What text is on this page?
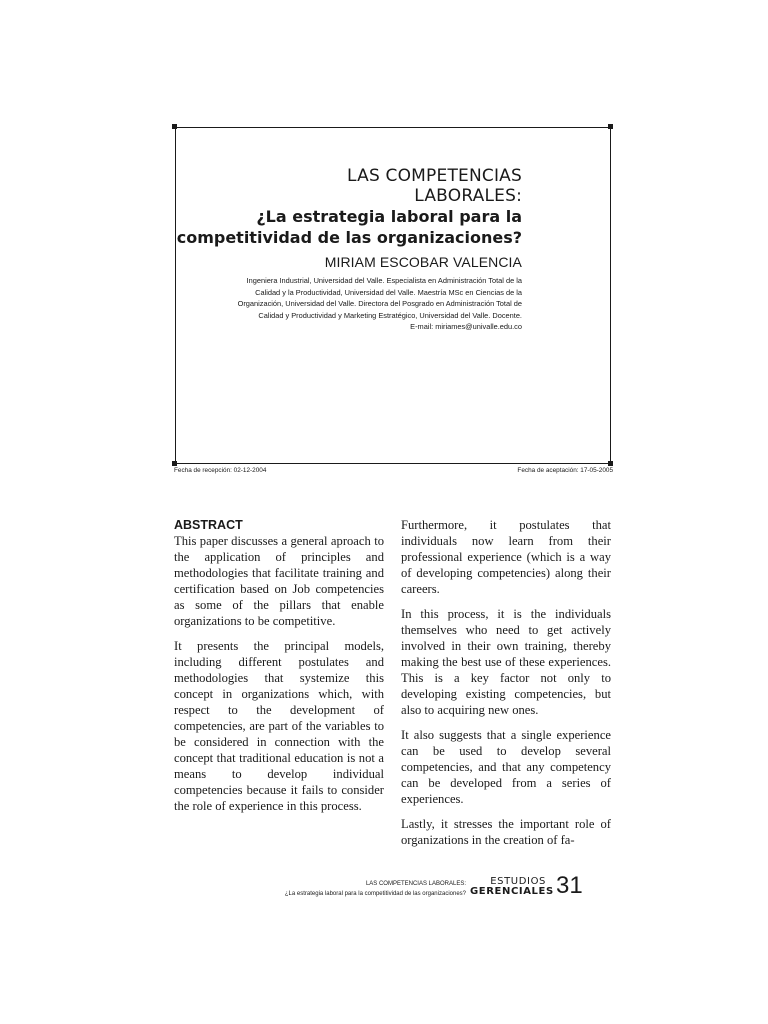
LAS COMPETENCIAS

LABORALES:

¿La estrategia laboral para la

competitividad de las organizaciones?

MIRIAM ESCOBAR VALENCIA
Ingeniera Industrial, Universidad del Valle. Especialista en Administración Total de la
Calidad y la Productividad, Universidad del Valle. Maestría MSc en Ciencias de la
Organización, Universidad del Valle. Directora del Posgrado en Administración Total de
Calidad y Productividad y Marketing Estratégico, Universidad del Valle. Docente.
E-mail: miriames@univalle.edu.co
Fecha de recepción: 02-12-2004	Fecha de aceptación: 17-05-2005
ABSTRACT

This paper discusses a general aproach to the application of principles and methodologies that facilitate training and certification based on Job competencies as some of the pillars that enable organizations to be competitive.

It presents the principal models, including different postulates and methodologies that systemize this concept in organizations which, with respect to the development of competencies, are part of the variables to be considered in connection with the concept that traditional education is not a means to develop individual competencies because it fails to consider the role of experience in this process.

Furthermore, it postulates that individuals now learn from their professional experience (which is a way of developing competencies) along their careers.

In this process, it is the individuals themselves who need to get actively involved in their own training, thereby making the best use of these experiences. This is a key factor not only to developing existing competencies, but also to acquiring new ones.

It also suggests that a single experience can be used to develop several competencies, and that any competency can be developed from a series of experiences.

Lastly, it stresses the important role of organizations in the creation of fa-

LAS COMPETENCIAS LABORALES:
¿La estrategia laboral para la competitividad de las organizaciones?
ESTUDIOS
GERENCIALES 31
